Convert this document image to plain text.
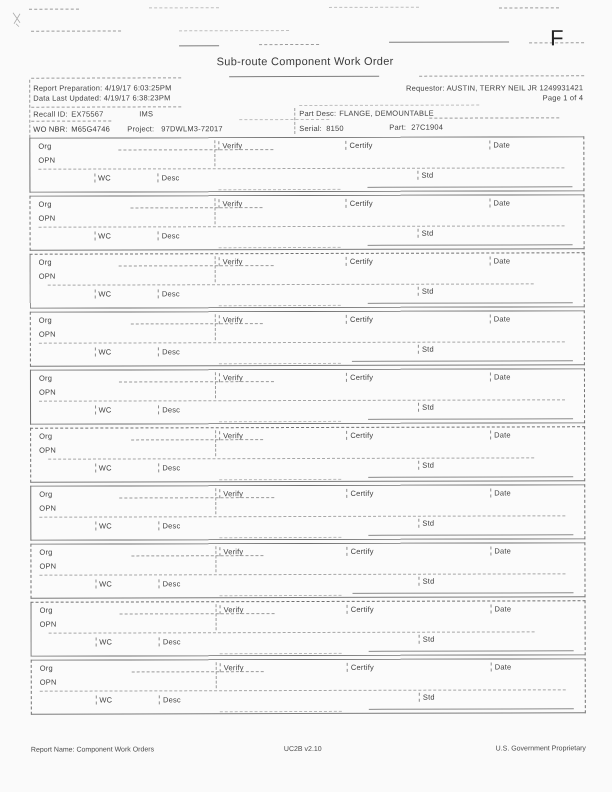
F
Sub-route Component Work Order
Report Preparation: 4/19/17 6:03:25PM
Data Last Updated: 4/19/17 6:38:23PM
Requestor: AUSTIN, TERRY NEIL JR 1249931421
Page 1 of 4
Recall ID: EX75567	IMS	Part Desc: FLANGE, DEMOUNTABLE
WO NBR: M65G4746 Project: 97DWLM3-72017	Serial: 8150	Part: 27C1904
Org	Verify	Certify	Date
OPN
WC	Desc	Std
Org	Verify	Certify	Date
OPN
WC	Desc	Std
Org	Verify	Certify	Date
OPN
WC	Desc	Std
Org	Verify	Certify	Date
OPN
WC	Desc	Std
Org	Verify	Certify	Date
OPN
WC	Desc	Std
Org	Verify	Certify	Date
OPN
WC	Desc	Std
Org	Verify	Certify	Date
OPN
WC	Desc	Std
Org	Verify	Certify	Date
OPN
WC	Desc	Std
Org	Verify	Certify	Date
OPN
WC	Desc	Std
Org	Verify	Certify	Date
OPN
WC	Desc	Std
Report Name: Component Work Orders	UC2B v2.10	U.S. Government Proprietary
